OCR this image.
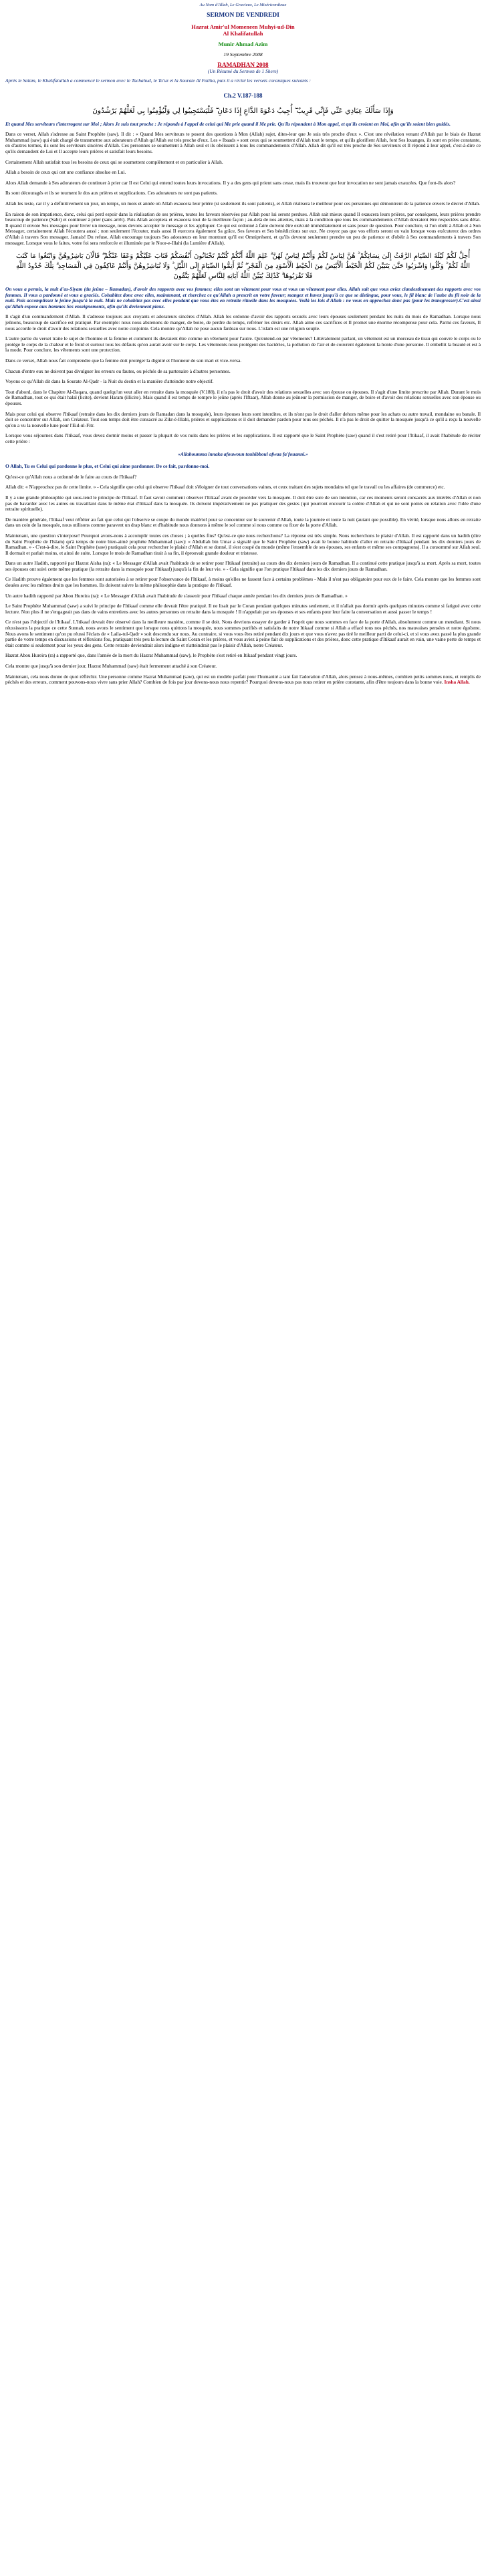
Au Nom d'Allah, Le Gracieux, Le Miséricordieux
SERMON DE VENDREDI
Hazrat Amir'ul Momeneen Muhyi-ud-Din
Al Khalifatullah
Munir Ahmad Azim
19 Septembre 2008
RAMADHAN 2008
(Un Résumé du Sermon de 1 Shere)
Après le Salam, le Khalifatullah a commencé le sermon avec le Tachahud, le Ta'uz et la Sourate Al Fatiha, puis il a récité les versets coraniques suivants :
Ch.2 V.187-188
وَإِذَا سَأَلَكَ عِبَادِي عَنِّي فَإِنِّي قَرِيبٌ ۖ أُجِيبُ دَعْوَةَ الدَّاعِ إِذَا دَعَانِ ۖ فَلْيَسْتَجِيبُوا لِي وَلْيُؤْمِنُوا بِي لَعَلَّهُمْ يَرْشُدُونَ
Et quand Mes serviteurs t'interrogent sur Moi ; Alors Je suis tout proche : Je réponds à l'appel de celui qui Me prie quand il Me prie. Qu'ils répondent à Mon appel, et qu'ils croient en Moi, afin qu'ils soient bien guidés.

Dans ce verset, Allah s'adresse au Saint Prophète (saw). Il dit : « Quand Mes serviteurs te posent des questions à Mon (Allah) sujet, dites-leur que Je suis très proche d'eux ». C'est une révélation venant d'Allah par le biais de Hazrat Muhammad (saw) qui était chargé de transmettre aux adorateurs d'Allah qu'Allah est très proche d'eux. Les « Ibaads » sont ceux qui se soumettent d'Allah tout le temps, et qu'ils glorifient Allah, font Ses louanges, ils sont en prière constante, en d'autres termes, ils sont les serviteurs sincères d'Allah. Ces personnes se soumettent à Allah seul et ils obéissent à tous les commandements d'Allah. Allah dit qu'il est très proche de Ses serviteurs et Il répond à leur appel, c'est-à-dire ce qu'ils demandent de Lui et Il accepte leurs prières et satisfait leurs besoins.

Certainement Allah satisfait tous les besoins de ceux qui se soumettent complètement et en particulier à Allah.

Allah a besoin de ceux qui ont une confiance absolue en Lui.

Alors Allah demande à Ses adorateurs de continuer à prier car Il est Celui qui entend toutes leurs invocations. Il y a des gens qui prient sans cesse, mais ils trouvent que leur invocation ne sont jamais exaucées. Que font-ils alors?

Ils sont découragés et ils se tournent le dos aux prières et supplications. Ces adorateurs ne sont pas patients.

Allah les teste, car il y a définitivement un jour, un temps, un mois et année où Allah exaucera leur prière (si seulement ils sont patients), et Allah réalisera le meilleur pour ces personnes qui démontrent de la patience envers le décret d'Allah.

En raison de son impatience, donc, celui qui perd espoir dans la réalisation de ses prières, toutes les faveurs réservées par Allah pour lui seront perdues. Allah sait mieux quand Il exaucera leurs prières, par conséquent, leurs prières prendre beaucoup de patience (Sabr) et continuer à prier (sans arrêt). Puis Allah acceptera et exaucera tout de la meilleure façon ; au-delà de nos attentes, mais à la condition que tous les commandements d'Allah devraient être respectées sans délai. Il quand il envoie Ses messages pour livrer un message, nous devons accepter le message et les appliquer. Ce qui est ordonné à faire doivent être exécuté immédiatement et sans poser de question. Pour conclure, si l'on obéit à Allah et à Son Messager, certainement Allah l'écoutera aussi ; non seulement l'écouter, mais aussi Il exercera également Sa grâce, Ses faveurs et Ses bénédictions sur eux. Ne croyez pas que vos efforts seront en vain lorsque vous exécuterez des ordres d'Allah à travers Son messager. Jamais! Du refuse, Allah encourage toujours Ses adorateurs en leur montrant qu'il est Omniprésent, et qu'ils devront seulement prendre un peu de patience et d'obéir à Ses commandements à travers Son messager. Lorsque vous le faites, votre foi sera renforcée et illuminée par le Noor-e-Illahi (la Lumière d'Allah).

أُحِلَّ لَكُمْ لَيْلَةَ الصِّيَامِ الرَّفَثُ إِلَىٰ نِسَائِكُمْ ۚ هُنَّ لِبَاسٌ لَكُمْ وَأَنْتُمْ لِبَاسٌ لَهُنَّ ۗ عَلِمَ اللَّهُ أَنَّكُمْ كُنْتُمْ تَخْتَانُونَ أَنْفُسَكُمْ فَتَابَ عَلَيْكُمْ وَعَفَا عَنْكُمْ ۖ فَالْآنَ بَاشِرُوهُنَّ وَابْتَغُوا مَا كَتَبَ اللَّهُ لَكُمْ ۚ وَكُلُوا وَاشْرَبُوا حَتَّىٰ يَتَبَيَّنَ لَكُمُ الْخَيْطُ الْأَبْيَضُ مِنَ الْخَيْطِ الْأَسْوَدِ مِنَ الْفَجْرِ ۖ ثُمَّ أَتِمُّوا الصِّيَامَ إِلَى اللَّيْلِ ۚ وَلَا تُبَاشِرُوهُنَّ وَأَنْتُمْ عَاكِفُونَ فِي الْمَسَاجِدِ ۗ تِلْكَ حُدُودُ اللَّهِ فَلَا تَقْرَبُوهَا ۗ كَذَٰلِكَ يُبَيِّنُ اللَّهُ آيَاتِهِ لِلنَّاسِ لَعَلَّهُمْ يَتَّقُونَ
On vous a permis, la nuit d'as-Siyam (du jeûne – Ramadan), d'avoir des rapports avec vos femmes; elles sont un vêtement pour vous et vous un vêtement pour elles. Allah sait que vous aviez clandestinement des rapports avec vos femmes. Il vous a pardonné et vous a graciés. Cohabitez donc avec elles, maintenant, et cherchez ce qu'Allah a prescrit en votre faveur; mangez et buvez jusqu'à ce que se distingue, pour vous, le fil blanc de l'aube du fil noir de la nuit. Puis accomplissez le jeûne jusqu'à la nuit. Mais ne cohabitez pas avec elles pendant que vous êtes en retraite rituelle dans les mosquées. Voilà les lois d'Allah : ne vous en approchez donc pas (pour les transgresser).C'est ainsi qu'Allah expose aux hommes Ses enseignements, afin qu'ils deviennent pieux.

Il s'agit d'un commandement d'Allah. Il s'adresse toujours aux croyants et adorateurs sincères d'Allah. Allah les ordonne d'avoir des rapports sexuels avec leurs épouses seulement pendant les nuits du mois de Ramadhan. Lorsque nous jeûnons, beaucoup de sacrifice est pratiqué. Par exemple: nous nous abstenons de manger, de boire, de perdre du temps, refréner les désirs etc. Allah aime ces sacrifices et Il promet une énorme récompense pour cela. Parmi ces faveurs, Il nous accorde le droit d'avoir des relations sexuelles avec notre conjointe. Cela montre qu'Allah ne pose aucun fardeau sur nous. L'islam est une religion souple.

L'autre partie du verset traite le sujet de l'homme et la femme et comment ils devraient être comme un vêtement pour l'autre. Qu'entend-on par vêtements? Littéralement parlant, un vêtement est un morceau de tissu qui couvre le corps ou le protège le corps de la chaleur et le froid et surtout tous les défauts qu'on aurait avoir sur le corps. Les vêtements nous protègent des bactéries, la pollution de l'air et de couvrent également la honte d'une personne. Il embellit la beauté et est à la mode. Pour conclure, les vêtements sont une protection.

Dans ce verset, Allah nous fait comprendre que la femme doit protéger la dignité et l'honneur de son mari et vice-versa.

Chacun d'entre eux ne doivent pas divulguer les erreurs ou fautes, ou péchés de sa partenaire à d'autres personnes.

Voyons ce qu'Allah dit dans la Sourate Al-Qadr - la Nuit du destin et la manière d'atteindre notre objectif.

Tout d'abord, dans le Chapitre Al-Baqara, quand quelqu'un veut aller en retraite dans la mosquée (V.188), il n'a pas le droit d'avoir des relations sexuelles avec son épouse ou épouses. Il s'agit d'une limite prescrite par Allah. Durant le mois de Ramadhan, tout ce qui était halal (licite), devient Haram (illicite). Mais quand il est temps de rompre le jeûne (après l'Iftaar), Allah donne au jeûneur la permission de manger, de boire et d'avoir des relations sexuelles avec son épouse ou épouses.

Mais pour celui qui observe l'Itikaaf (retraite dans les dix derniers jours de Ramadan dans la mosquée), leurs épouses leurs sont interdites, et ils n'ont pas le droit d'aller dehors même pour les achats ou autre travail, mondaine ou banale. Il doit se concentrer sur Allah, son Créateur. Tout son temps doit être consacré au Zikr-é-Illahi, prières et supplications et il doit demander pardon pour tous ses péchés. Il n'a pas le droit de quitter la mosquée jusqu'à ce qu'il a reçu la nouvelle qu'on a vu la nouvelle lune pour l'Eid-ul-Fitr.

Lorsque vous séjournez dans l'Itikaaf, vous devez dormir moins et passer la plupart de vos nuits dans les prières et les supplications. Il est rapporté que le Saint Prophète (saw) quand il s'est retiré pour l'Itikaaf, il avait l'habitude de réciter cette prière :

«Allahoumma innaka afouwoun touhibboul afwaa fa'fouanni.»

O Allah, Tu es Celui qui pardonne le plus, et Celui qui aime pardonner. De ce fait, pardonne-moi.

Qu'est-ce qu'Allah nous a ordonné de le faire au cours de l'Itikaaf?

Allah dit: « N'approchez pas de cette limite. » - Cela signifie que celui qui observe l'Itikaaf doit s'éloigner de tout conversations vaines, et ceux traitant des sujets mondains tel que le travail ou les affaires (de commerce) etc.

Il y a une grande philosophie qui sous-tend le principe de l'Itikaaf. Il faut savoir comment observer l'Itikaaf avant de procéder vers la mosquée. Il doit être sure de son intention, car ces moments seront consacrés aux intérêts d'Allah et non pas de bavarder avec les autres ou travaillant dans le même état d'Itikaaf dans la mosquée. Ils doivent impérativement ne pas pratiquer des gestes (qui pourront encourir la colère d'Allah et qui ne sont points en relation avec l'idée d'une retraite spirituelle).

De manière générale, l'Itikaaf veut réfléter au fait que celui qui l'observe se coupe du monde matériel pour se concentrer sur le souvenir d'Allah, toute la journée et toute la nuit (autant que possible). En vérité, lorsque nous allons en retraite dans un coin de la mosquée, nous utilisons comme paravent un drap blanc et d'habitude nous donnons à même le sol comme si nous comme ou fixer de la porte d'Allah.

Maintenant, une question s'interpose! Pourquoi avons-nous à accomplir toutes ces choses ; à quelles fins? Qu'est-ce que nous recherchons? La réponse est très simple. Nous recherchons le plaisir d'Allah. Il est rapporté dans un hadith (dire du Saint Prophète de l'Islam) qu'à temps de notre bien-aimé prophète Muhammad (saw): « Abdullah bin Umar a signalé que le Saint Prophète (saw) avait le bonne habitude d'aller en retraite d'Itikaaf pendant les dix derniers jours de Ramadhan. » - C'est-à-dire, le Saint Prophète (saw) pratiquait cela pour rechercher le plaisir d'Allah et se donné, il s'est coupé du monde (même l'ensemble de ses épouses, ses enfants et même ses compagnons). Il a consommé sur Allah seul. Il dormait et parlait moins, et ainsi de suite. Lorsque le mois de Ramadhan tirait à sa fin, il éprouvait grande douleur et tristesse.

Dans un autre Hadith, rapporté par Hazrat Aisha (ra): « Le Messager d'Allah avait l'habitude de se retirer pour l'Itikaaf (retraite) au cours des dix derniers jours de Ramadhan. Il a continué cette pratique jusqu'à sa mort. Après sa mort, toutes ses épouses ont suivi cette même pratique (la retraite dans la mosquée pour l'Itikaaf) jusqu'à la fin de leur vie. » - Cela signifie que l'on pratique l'Itikaaf dans les dix derniers jours de Ramadhan.

Ce Hadith prouve également que les femmes sont autorisées à se retirer pour l'observance de l'Itikaaf, à moins qu'elles ne fassent face à certains problèmes - Mais il n'est pas obligatoire pour eux de le faire. Cela montre que les femmes sont douées avec les mêmes droits que les hommes. Ils doivent suivre la même philosophie dans la pratique de l'Itikaaf.

Un autre hadith rapporté par Abou Hureira (ra): « Le Messager d'Allah avait l'habitude de s'asseoir pour l'Itikaaf chaque année pendant les dix derniers jours de Ramadhan. »

Le Saint Prophète Muhammad (saw) a suivi le principe de l'Itikaaf comme elle devrait l'être pratiqué. Il ne lisait par le Coran pendant quelques minutes seulement, et il n'allait pas dormir après quelques minutes comme si fatigué avec cette lecture. Non plus il ne s'engageait pas dans de vains entretiens avec les autres personnes en retraite dans la mosquée ! Il n'appelait par ses épouses et ses enfants pour leur faire la conversation et aussi passer le temps !

Ce n'est pas l'objectif de l'Itikaaf. L'Itikaaf devrait être observé dans la meilleure manière, comme il se doit. Nous devrions essayer de garder à l'esprit que nous sommes en face de la porte d'Allah, absolument comme un mendiant. Si nous réussissons la pratique ce cette Sunnah, nous avons le sentiment que lorsque nous quittons la mosquée, nous sommes purifiés et satisfaits de notre Itikaaf comme si Allah a effacé tous nos péchés, nos mauvaises pensées et notre égoïsme. Nous avons le sentiment qu'on pu réussi l'éclats de « Laila-tul-Qadr » soit descendu sur nous. Au contraire, si vous vous êtes retiré pendant dix jours et que vous n'avez pas tiré le meilleur parti de celui-ci, et si vous avez passé la plus grande partie de votre temps en discussions et réflexions fou, pratiquant très peu la lecture du Saint Coran et les prières, et vous aviez à peine fait de supplications et des prières, donc cette pratique d'Itikaaf aurait en vain, une vaine perte de temps et était comme si seulement pour les yeux des gens. Cette retraite deviendrait alors indigne et n'atteindrait pas le plaisir d'Allah, notre Créateur.

Hazrat Abou Hureira (ra) a rapporté que, dans l'année de la mort du Hazrat Muhammad (saw), le Prophète s'est retiré en Itikaaf pendant vingt jours.

Cela montre que jusqu'à son dernier jour, Hazrat Muhammad (saw) était fermement attaché à son Créateur.

Maintenant, cela nous donne de quoi réfléchir. Une personne comme Hazrat Muhammad (saw), qui est un modèle parfait pour l'humanité a tant fait l'adoration d'Allah, alors pensez à nous-mêmes, combien petits sommes nous, et remplis de péchés et des erreurs, comment pouvons-nous vivre sans prier Allah? Combien de fois par jour devons-nous nous repentir? Pourquoi devons-nous pas nous retirer en prière constante, afin d'être toujours dans la bonne voie. Insha Allah.
